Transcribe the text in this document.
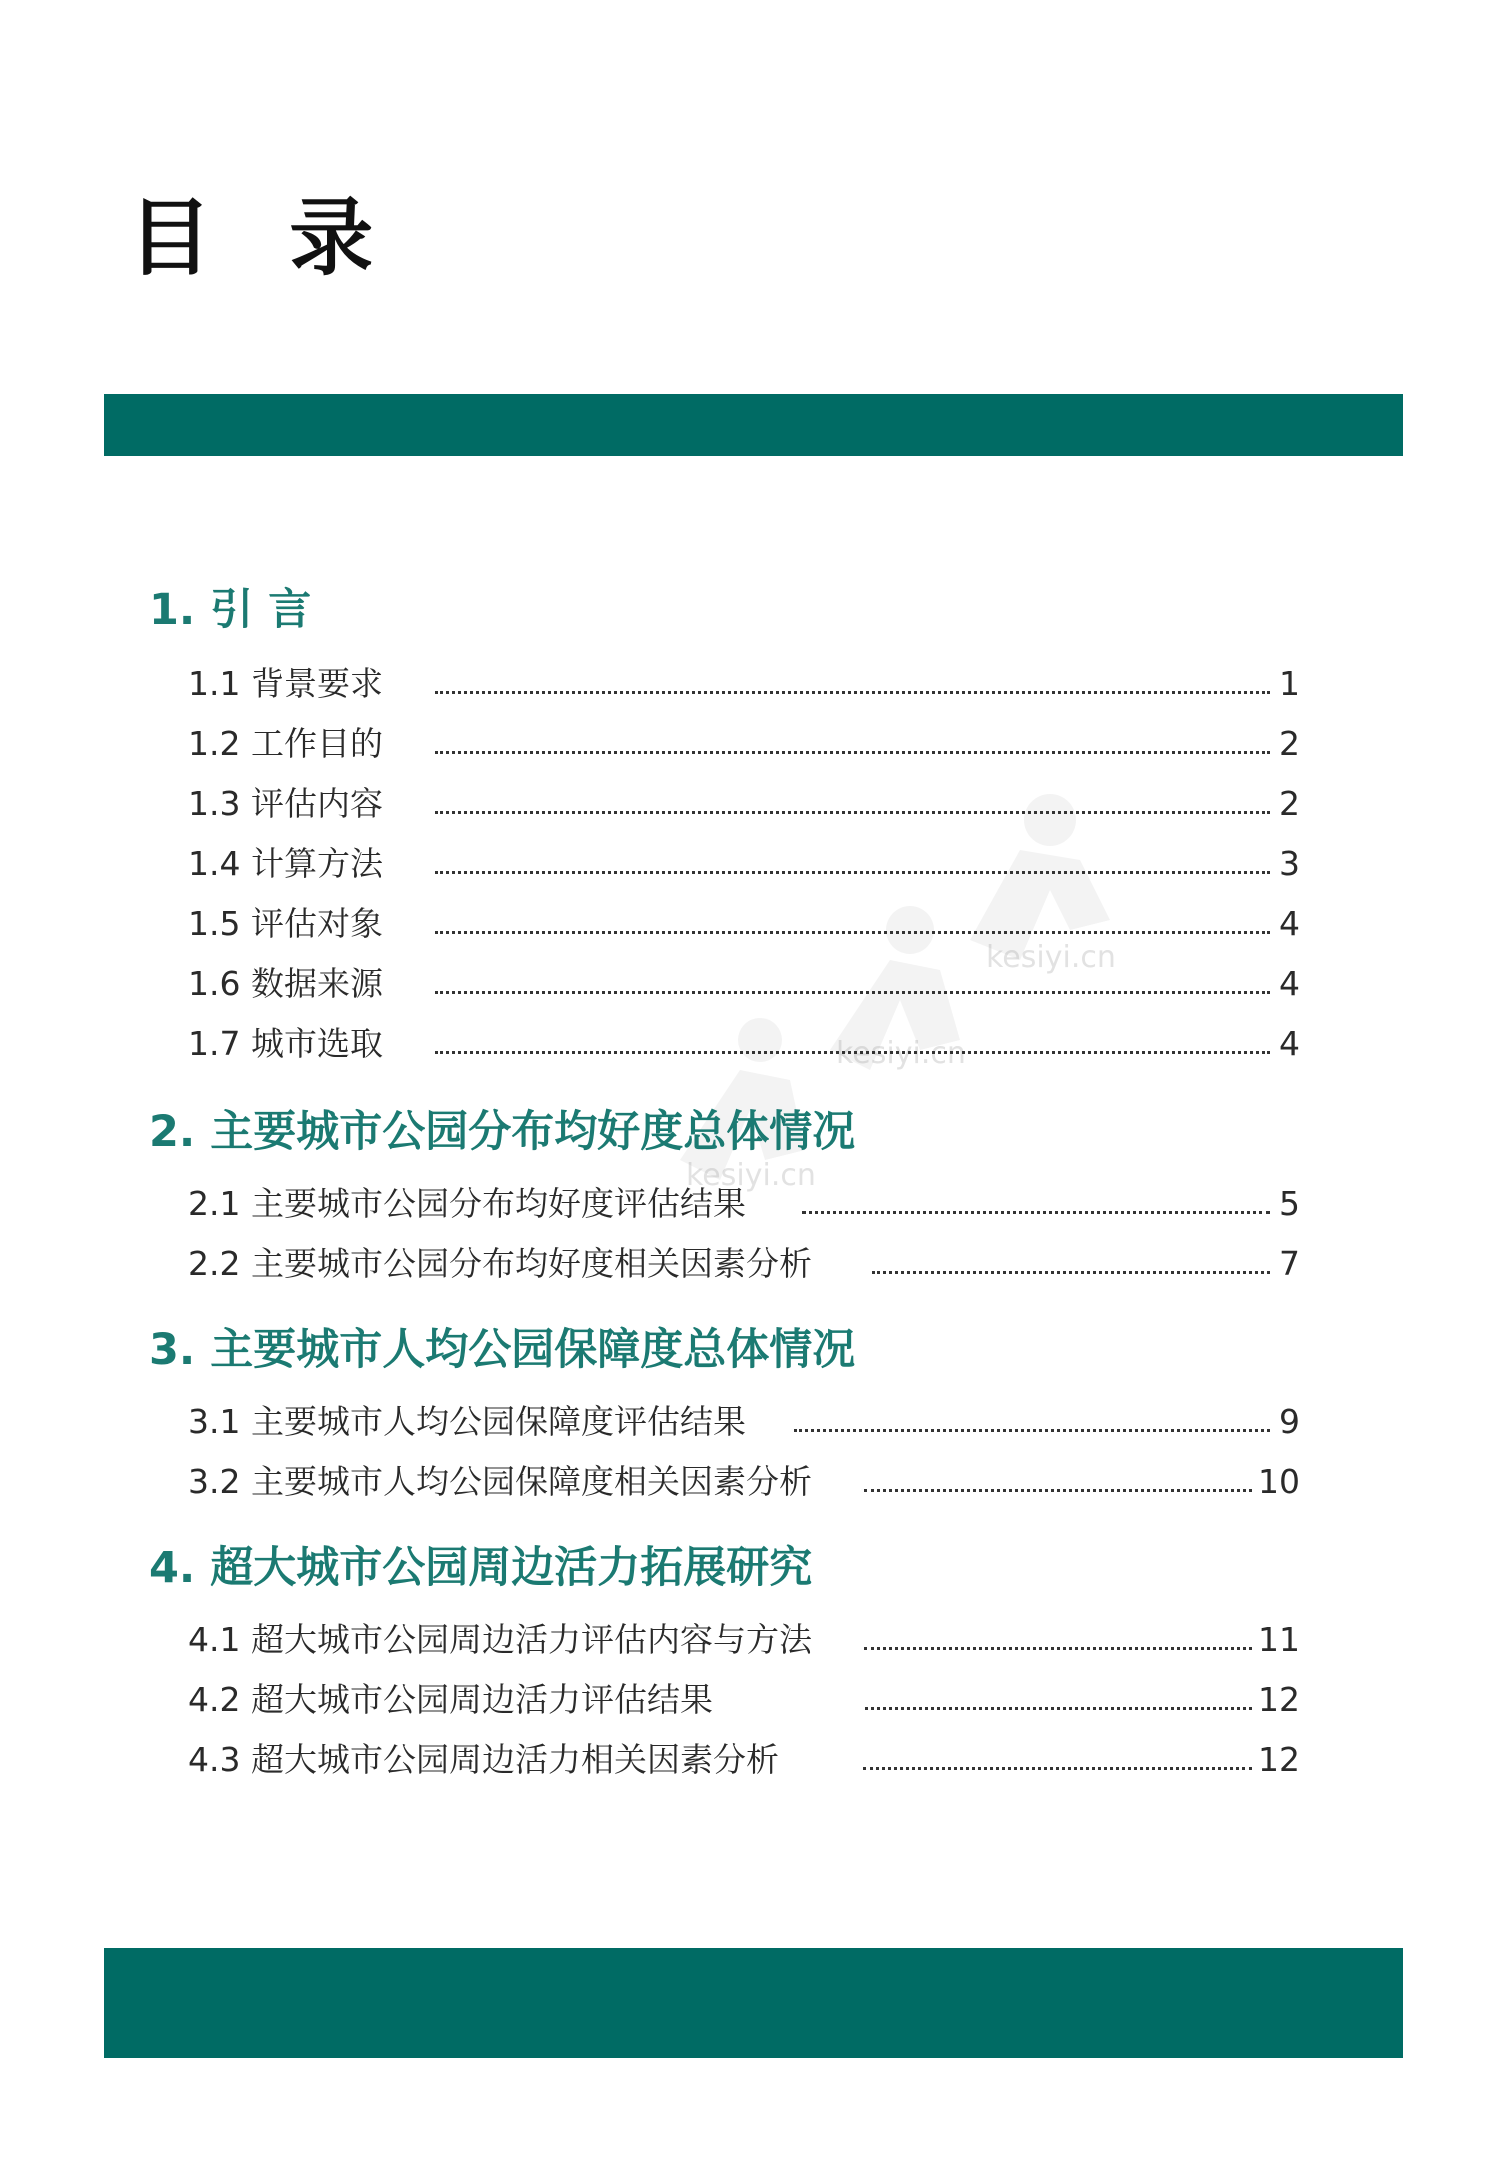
目 录
kesiyi.cn
kesiyi.cn
kesiyi.cn
1. 引 言
1.1 背景要求	1
1.2 工作目的	2
1.3 评估内容	2
1.4 计算方法	3
1.5 评估对象	4
1.6 数据来源	4
1.7 城市选取	4
2. 主要城市公园分布均好度总体情况
2.1 主要城市公园分布均好度评估结果	5
2.2 主要城市公园分布均好度相关因素分析	7
3. 主要城市人均公园保障度总体情况
3.1 主要城市人均公园保障度评估结果	9
3.2 主要城市人均公园保障度相关因素分析	10
4. 超大城市公园周边活力拓展研究
4.1 超大城市公园周边活力评估内容与方法	11
4.2 超大城市公园周边活力评估结果	12
4.3 超大城市公园周边活力相关因素分析	12
